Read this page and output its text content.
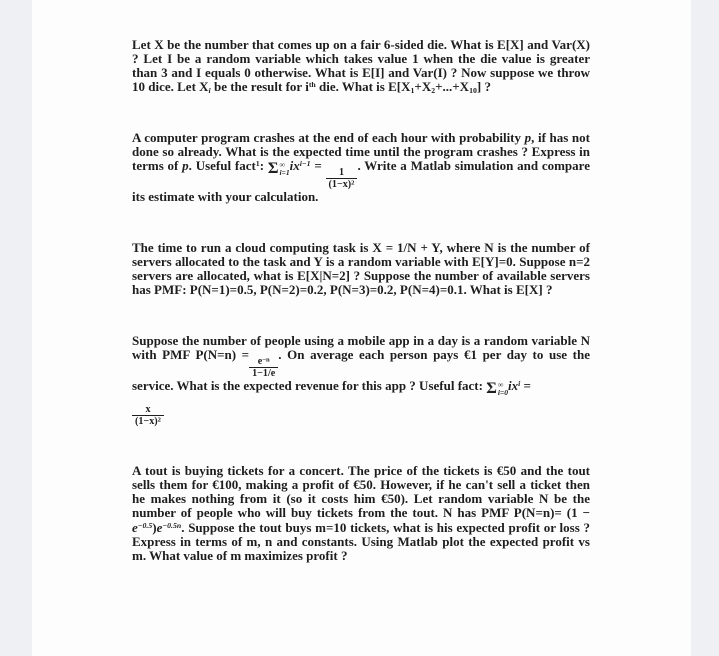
Let X be the number that comes up on a fair 6-sided die. What is E[X] and Var(X) ? Let I be a random variable which takes value 1 when the die value is greater than 3 and I equals 0 otherwise. What is E[I] and Var(I) ? Now suppose we throw 10 dice. Let $X_i$ be the result for $i^{th}$ die. What is $E[X_1+X_2+...+X_{10}]$ ?

A computer program crashes at the end of each hour with probability p, if has not done so already. What is the expected time until the program crashes ? Express in terms of p. Useful fact$^1$: Σ ∞
i=1 $ix^{i-1}$ =
$\frac{1}{(1-x)^2}$
. Write a Matlab simulation and compare its estimate with your calculation.

The time to run a cloud computing task is X = 1/N + Y, where N is the number of servers allocated to the task and Y is a random variable with E[Y]=0. Suppose n=2 servers are allocated, what is E[X|N=2] ? Suppose the number of available servers has PMF: P(N=1)=0.5, P(N=2)=0.2, P(N=3)=0.2, P(N=4)=0.1. What is E[X] ?

Suppose the number of people using a mobile app in a day is a random variable N with PMF P(N=n) =
$\frac{e^{-n}}{1-1/e}$
. On average each person pays €1 per day to use the service. What is the expected revenue for this app ? Useful fact: Σ ∞
i=0 $ix^i$ =

$\frac{x}{(1-x)^2}$

A tout is buying tickets for a concert. The price of the tickets is €50 and the tout sells them for €100, making a profit of €50. However, if he can't sell a ticket then he makes nothing from it (so it costs him €50). Let random variable N be the number of people who will buy tickets from the tout. N has PMF $P(N=n)= (1 - e^{-0.5})e^{-0.5n}$. Suppose the tout buys m=10 tickets, what is his expected profit or loss ? Express in terms of m, n and constants. Using Matlab plot the expected profit vs m. What value of m maximizes profit ?
